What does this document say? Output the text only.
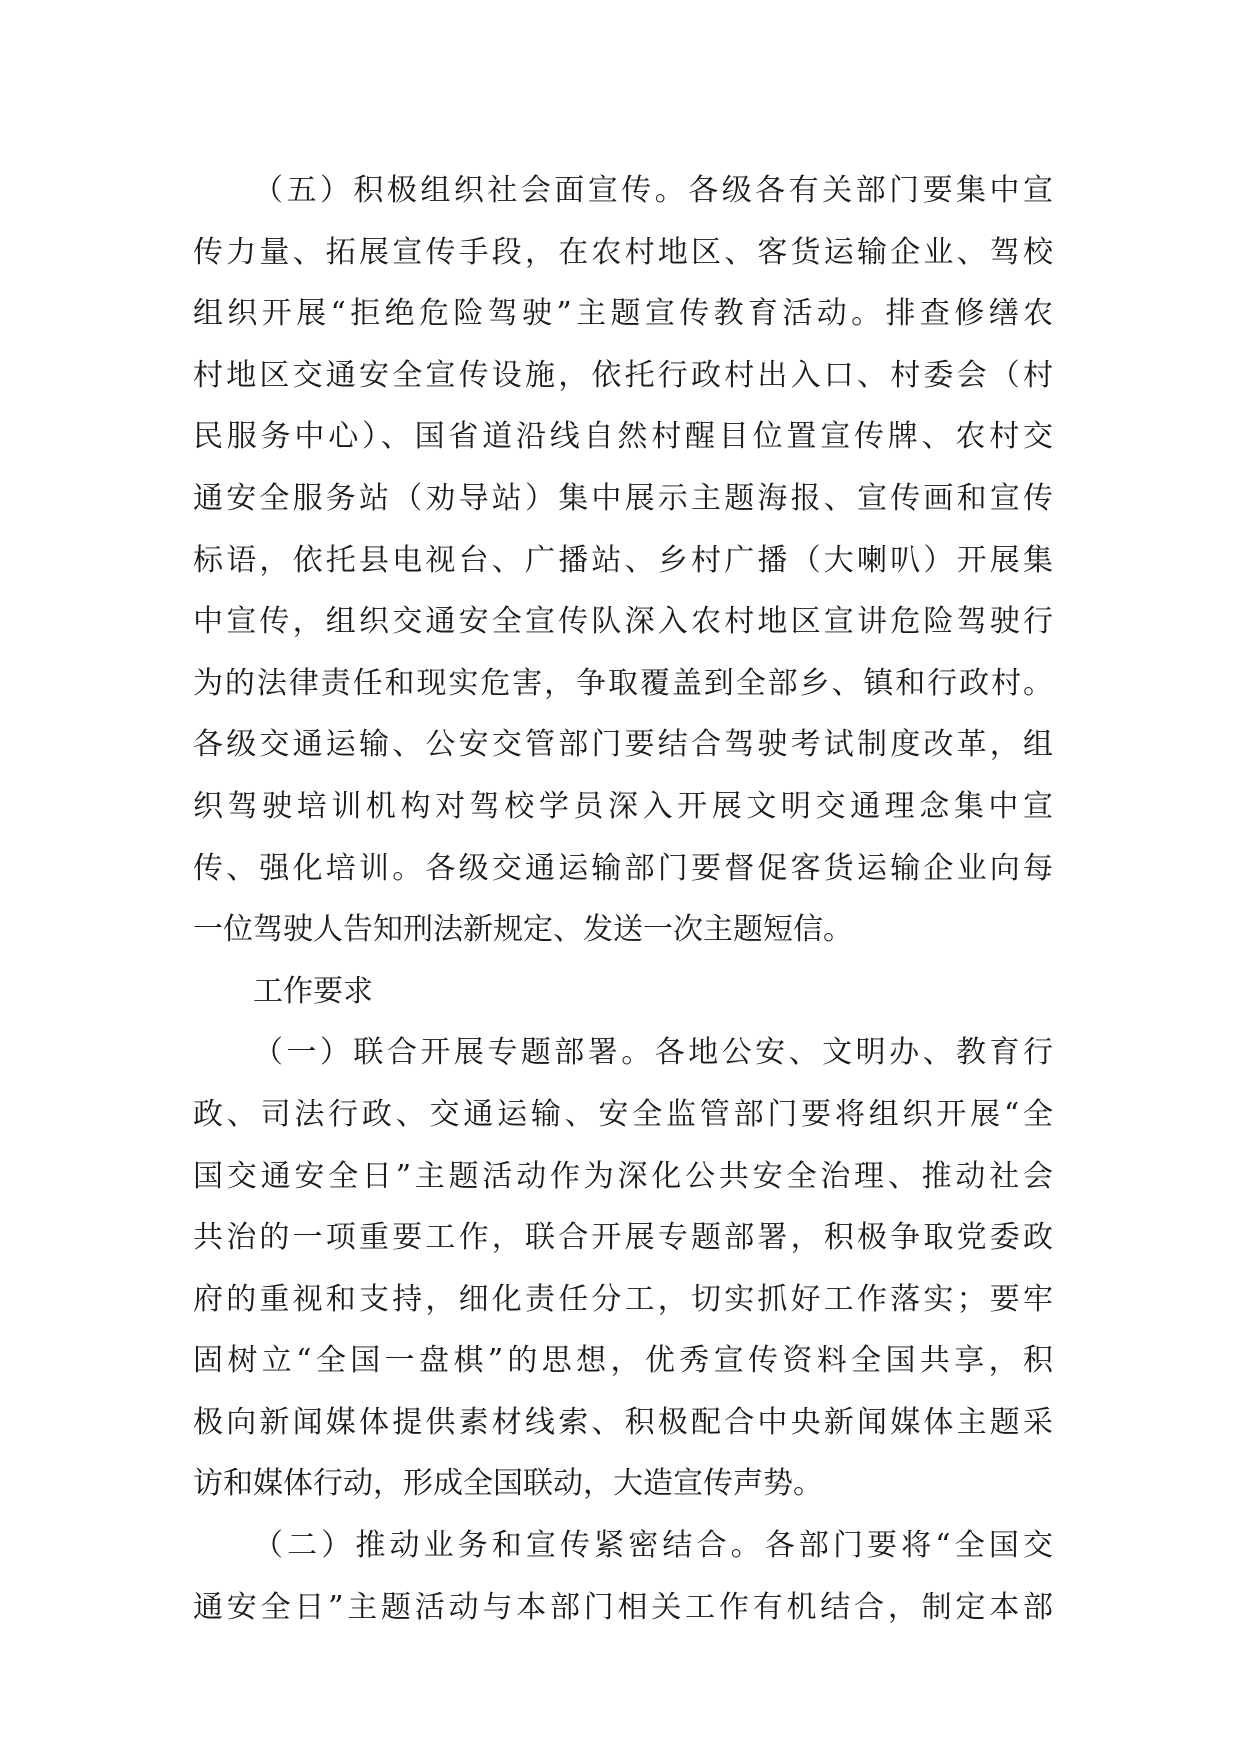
（五）积极组织社会面宣传。各级各有关部门要集中宣
传力量、拓展宣传手段，在农村地区、客货运输企业、驾校
组织开展“拒绝危险驾驶”主题宣传教育活动。排查修缮农
村地区交通安全宣传设施，依托行政村出入口、村委会（村
民服务中心）、国省道沿线自然村醒目位置宣传牌、农村交
通安全服务站（劝导站）集中展示主题海报、宣传画和宣传
标语，依托县电视台、广播站、乡村广播（大喇叭）开展集
中宣传，组织交通安全宣传队深入农村地区宣讲危险驾驶行
为的法律责任和现实危害，争取覆盖到全部乡、镇和行政村。
各级交通运输、公安交管部门要结合驾驶考试制度改革，组
织驾驶培训机构对驾校学员深入开展文明交通理念集中宣
传、强化培训。各级交通运输部门要督促客货运输企业向每
一位驾驶人告知刑法新规定、发送一次主题短信。
工作要求
（一）联合开展专题部署。各地公安、文明办、教育行
政、司法行政、交通运输、安全监管部门要将组织开展“全
国交通安全日”主题活动作为深化公共安全治理、推动社会
共治的一项重要工作，联合开展专题部署，积极争取党委政
府的重视和支持，细化责任分工，切实抓好工作落实；要牢
固树立“全国一盘棋”的思想，优秀宣传资料全国共享，积
极向新闻媒体提供素材线索、积极配合中央新闻媒体主题采
访和媒体行动，形成全国联动，大造宣传声势。
（二）推动业务和宣传紧密结合。各部门要将“全国交
通安全日”主题活动与本部门相关工作有机结合，制定本部
